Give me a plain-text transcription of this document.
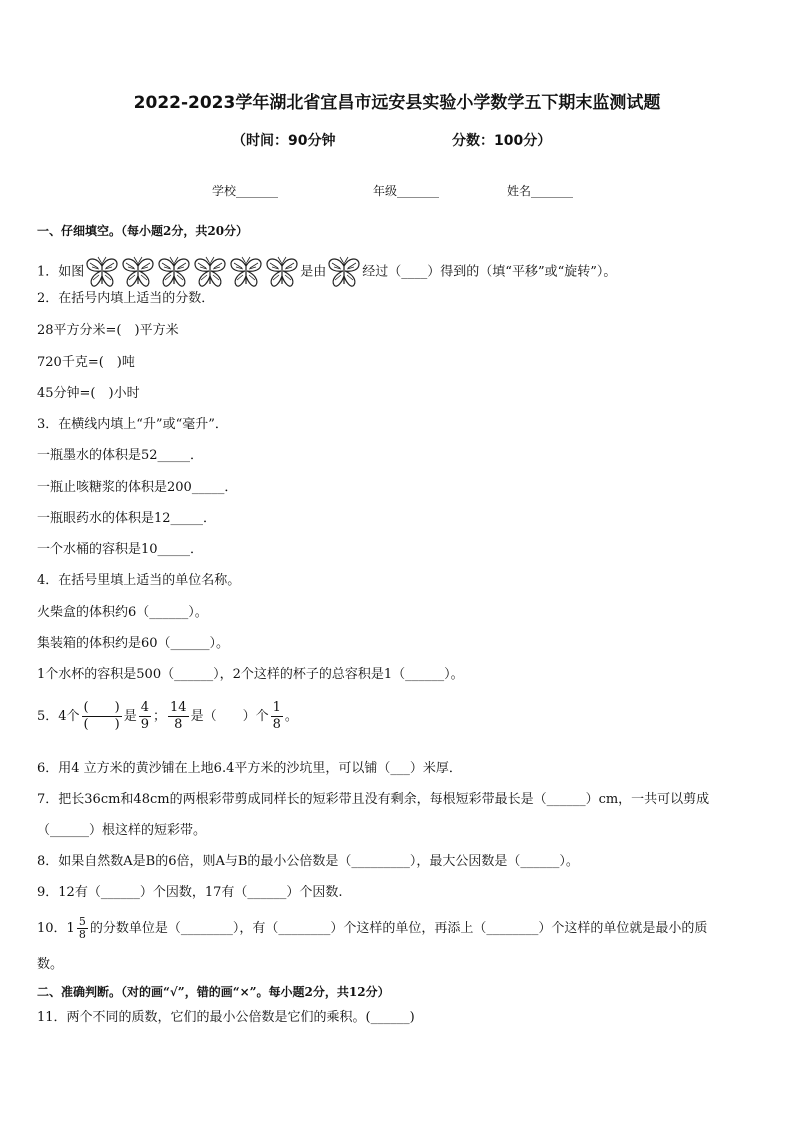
2022-2023学年湖北省宜昌市远安县实验小学数学五下期末监测试题
（时间：90分钟	分数：100分）
学校_______	年级_______	姓名_______
一、仔细填空。（每小题2分，共20分）
1．如图	是由	经过（____）得到的（填“平移”或“旋转”）。
2．在括号内填上适当的分数．
28平方分米=(　)平方米
720千克=(　)吨
45分钟=(　)小时
3．在横线内填上“升”或“毫升”．
一瓶墨水的体积是52_____．
一瓶止咳糖浆的体积是200_____．
一瓶眼药水的体积是12_____．
一个水桶的容积是10_____．
4．在括号里填上适当的单位名称。
火柴盒的体积约6（______）。
集装箱的体积约是60（______）。
1个水杯的容积是500（______），2个这样的杯子的总容积是1（______）。
5．4个 $\frac{( )}{( )}$ 是 $\frac{4}{9}$ ； $\frac{14}{8}$ 是（　　）个 $\frac{1}{8}$ 。
6．用4 立方米的黄沙铺在上地6.4平方米的沙坑里，可以铺（___）米厚．
7．把长36cm和48cm的两根彩带剪成同样长的短彩带且没有剩余，每根短彩带最长是（______）cm，一共可以剪成
（______）根这样的短彩带。
8．如果自然数A是B的6倍，则A与B的最小公倍数是（_________），最大公因数是（______）。
9．12有（______）个因数，17有（______）个因数.
10．$1 \frac{5}{8}$ 的分数单位是（________），有（________）个这样的单位，再添上（________）个这样的单位就是最小的质
数。
二、准确判断。（对的画“√”，错的画“×”。每小题2分，共12分）
11．两个不同的质数，它们的最小公倍数是它们的乘积。(______)
